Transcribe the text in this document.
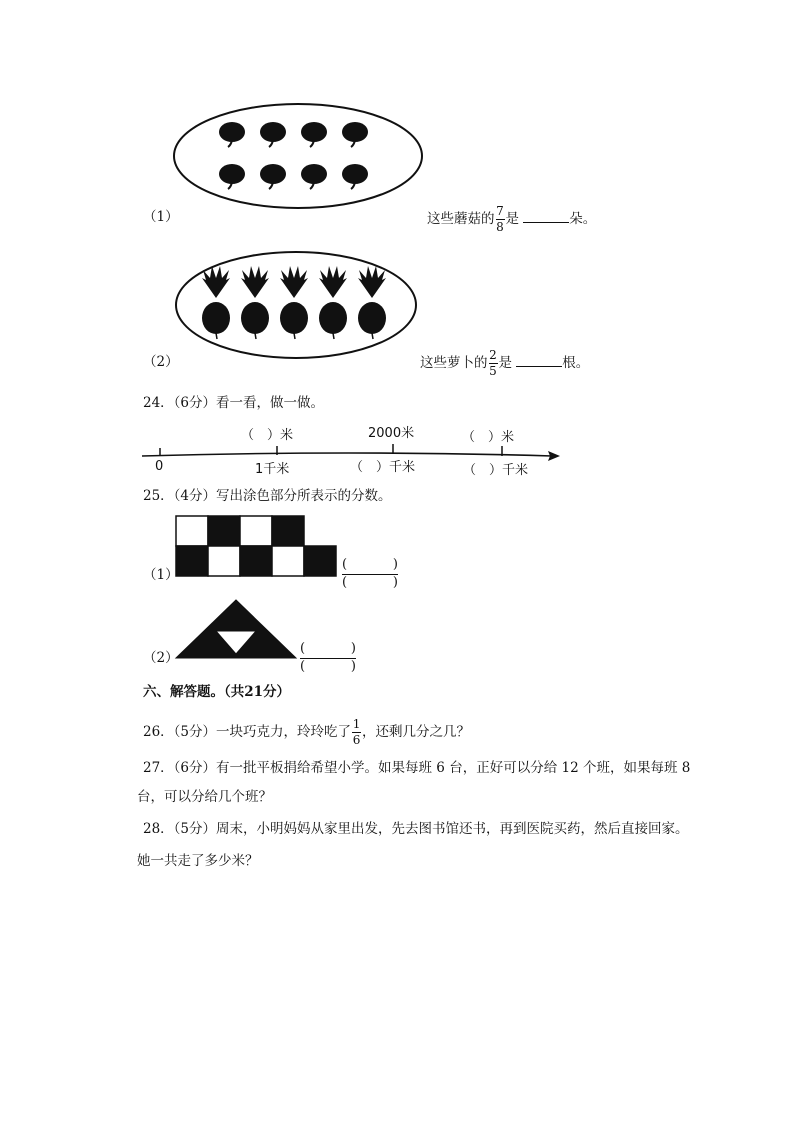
（1）	这些蘑菇的 $\frac{7}{8}$ 是	朵。
（2）	这些萝卜的 $\frac{2}{5}$ 是	根。
24．（6分）看一看，做一做。
（　）米	2000米	（　）米
0	1千米	（　）千米	（　）千米
25．（4分）写出涂色部分所表示的分数。
（1）
(	)
(	)
（2）
(	)
(	)
六、解答题。（共21分）
26．（5分）一块巧克力，玲玲吃了 $\frac{1}{6}$ ，还剩几分之几？
27．（6分）有一批平板捐给希望小学。如果每班 6 台，正好可以分给 12 个班，如果每班 8
台，可以分给几个班？
28．（5分）周末，小明妈妈从家里出发，先去图书馆还书，再到医院买药，然后直接回家。
她一共走了多少米？
